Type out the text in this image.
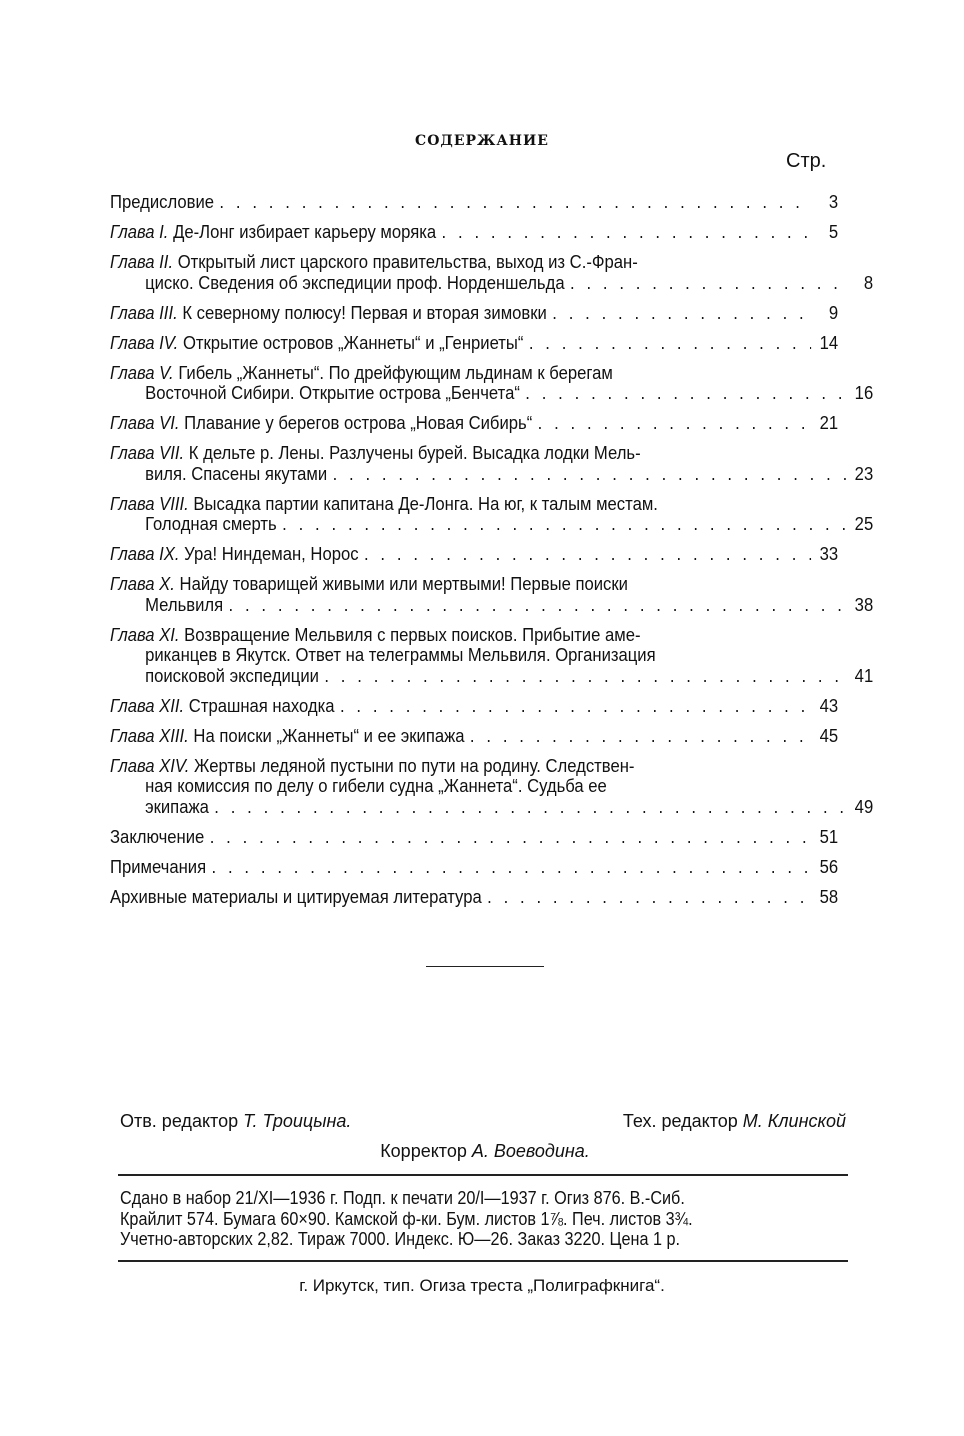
СОДЕРЖАНИЕ
Стр.
Предисловие . . .	3
Глава I. Де-Лонг избирает карьеру моряка . . .	5
Глава II. Открытый лист царского правительства, выход из С.-Фран-
циско. Сведения об экспедиции проф. Норденшельда . . .	8
Глава III. К северному полюсу! Первая и вторая зимовки . . .	9
Глава IV. Открытие островов „Жаннеты“ и „Генриеты“ . . .	14
Глава V. Гибель „Жаннеты“. По дрейфующим льдинам к берегам
Восточной Сибири. Открытие острова „Бенчета“ . . .	16
Глава VI. Плавание у берегов острова „Новая Сибирь“ . . .	21
Глава VII. К дельте р. Лены. Разлучены бурей. Высадка лодки Мель-
виля. Спасены якутами . . .	23
Глава VIII. Высадка партии капитана Де-Лонга. На юг, к талым местам.
Голодная смерть . . .	25
Глава IX. Ура! Ниндеман, Норос . . .	33
Глава X. Найду товарищей живыми или мертвыми! Первые поиски
Мельвиля . . .	38
Глава XI. Возвращение Мельвиля с первых поисков. Прибытие аме-
риканцев в Якутск. Ответ на телеграммы Мельвиля. Организация
поисковой экспедиции . . .	41
Глава XII. Страшная находка . . .	43
Глава XIII. На поиски „Жаннеты“ и ее экипажа . . .	45
Глава XIV. Жертвы ледяной пустыни по пути на родину. Следствен-
ная комиссия по делу о гибели судна „Жаннета“. Судьба ее
экипажа . . .	49
Заключение . . .	51
Примечания . . .	56
Архивные материалы и цитируемая литература . . .	58
Отв. редактор Т. Троицына.	Тех. редактор М. Клинской
Корректор А. Воеводина.
Сдано в набор 21/XI—1936 г. Подп. к печати 20/I—1937 г. Огиз 876. В.-Сиб.
Крайлит 574. Бумага 60×90. Камской ф-ки. Бум. листов 1⅞. Печ. листов 3¾.
Учетно-авторских 2,82. Тираж 7000. Индекс. Ю—26. Заказ 3220. Цена 1 р.
г. Иркутск, тип. Огиза треста „Полиграфкнига“.
